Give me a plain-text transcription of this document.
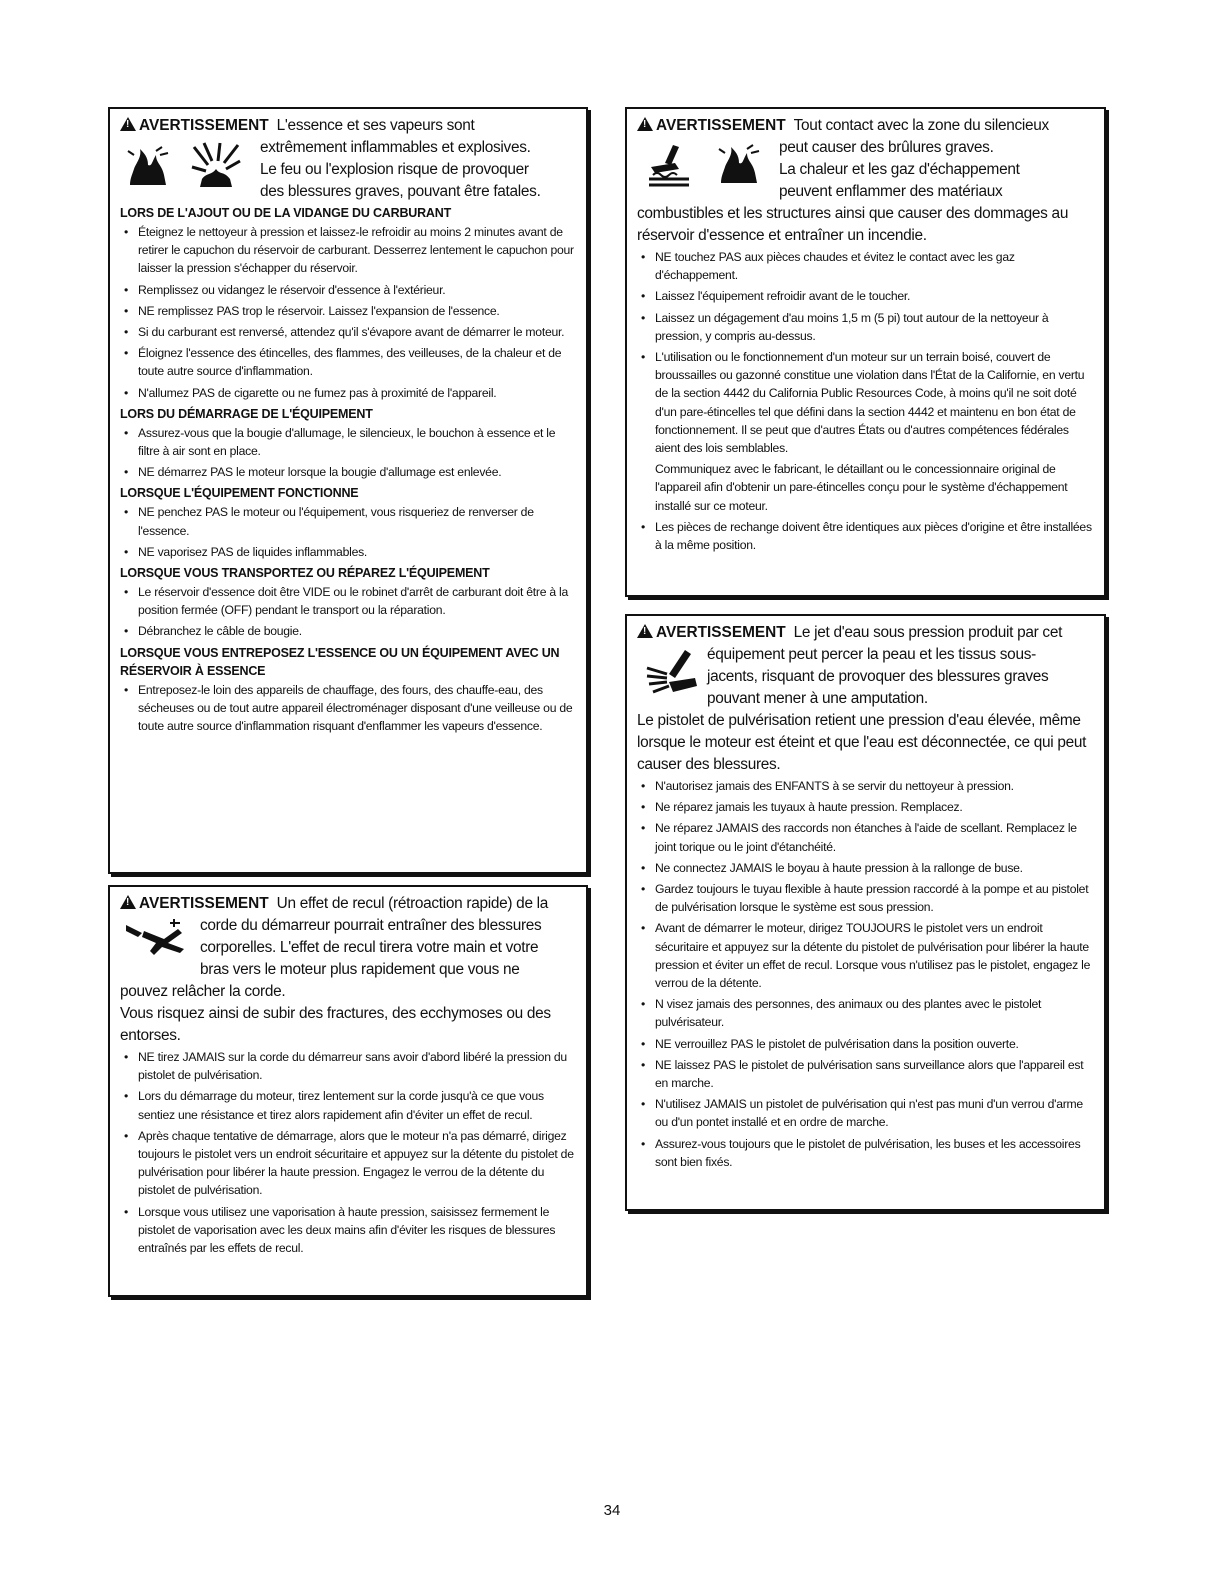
!AVERTISSEMENT L'essence et ses vapeurs sont
extrêmement inflammables et explosives.
Le feu ou l'explosion risque de provoquer
des blessures graves, pouvant être fatales.
LORS DE L'AJOUT OU DE LA VIDANGE DU CARBURANT
• Éteignez le nettoyeur à pression et laissez-le refroidir au moins 2 minutes avant de retirer le capuchon du réservoir de carburant. Desserrez lentement le capuchon pour laisser la pression s'échapper du réservoir.
• Remplissez ou vidangez le réservoir d'essence à l'extérieur.
• NE remplissez PAS trop le réservoir. Laissez l'expansion de l'essence.
• Si du carburant est renversé, attendez qu'il s'évapore avant de démarrer le moteur.
• Éloignez l'essence des étincelles, des flammes, des veilleuses, de la chaleur et de toute autre source d'inflammation.
• N'allumez PAS de cigarette ou ne fumez pas à proximité de l'appareil.
LORS DU DÉMARRAGE DE L'ÉQUIPEMENT
• Assurez-vous que la bougie d'allumage, le silencieux, le bouchon à essence et le filtre à air sont en place.
• NE démarrez PAS le moteur lorsque la bougie d'allumage est enlevée.
LORSQUE L'ÉQUIPEMENT FONCTIONNE
• NE penchez PAS le moteur ou l'équipement, vous risqueriez de renverser de l'essence.
• NE vaporisez PAS de liquides inflammables.
LORSQUE VOUS TRANSPORTEZ OU RÉPAREZ L'ÉQUIPEMENT
• Le réservoir d'essence doit être VIDE ou le robinet d'arrêt de carburant doit être à la position fermée (OFF) pendant le transport ou la réparation.
• Débranchez le câble de bougie.
LORSQUE VOUS ENTREPOSEZ L'ESSENCE OU UN ÉQUIPEMENT AVEC UN RÉSERVOIR À ESSENCE
• Entreposez-le loin des appareils de chauffage, des fours, des chauffe-eau, des sécheuses ou de tout autre appareil électroménager disposant d'une veilleuse ou de toute autre source d'inflammation risquant d'enflammer les vapeurs d'essence.
!AVERTISSEMENT Un effet de recul (rétroaction rapide) de la
corde du démarreur pourrait entraîner des blessures
corporelles. L'effet de recul tirera votre main et votre
bras vers le moteur plus rapidement que vous ne
pouvez relâcher la corde.
Vous risquez ainsi de subir des fractures, des ecchymoses ou des entorses.
• NE tirez JAMAIS sur la corde du démarreur sans avoir d'abord libéré la pression du pistolet de pulvérisation.
• Lors du démarrage du moteur, tirez lentement sur la corde jusqu'à ce que vous sentiez une résistance et tirez alors rapidement afin d'éviter un effet de recul.
• Après chaque tentative de démarrage, alors que le moteur n'a pas démarré, dirigez toujours le pistolet vers un endroit sécuritaire et appuyez sur la détente du pistolet de pulvérisation pour libérer la haute pression. Engagez le verrou de la détente du pistolet de pulvérisation.
• Lorsque vous utilisez une vaporisation à haute pression, saisissez fermement le pistolet de vaporisation avec les deux mains afin d'éviter les risques de blessures entraînés par les effets de recul.
!AVERTISSEMENT Tout contact avec la zone du silencieux
peut causer des brûlures graves.
La chaleur et les gaz d'échappement
peuvent enflammer des matériaux
combustibles et les structures ainsi que causer des dommages au réservoir d'essence et entraîner un incendie.
• NE touchez PAS aux pièces chaudes et évitez le contact avec les gaz d'échappement.
• Laissez l'équipement refroidir avant de le toucher.
• Laissez un dégagement d'au moins 1,5 m (5 pi) tout autour de la nettoyeur à pression, y compris au-dessus.
• L'utilisation ou le fonctionnement d'un moteur sur un terrain boisé, couvert de broussailles ou gazonné constitue une violation dans l'État de la Californie, en vertu de la section 4442 du California Public Resources Code, à moins qu'il ne soit doté d'un pare-étincelles tel que défini dans la section 4442 et maintenu en bon état de fonctionnement. Il se peut que d'autres États ou d'autres compétences fédérales aient des lois semblables.
Communiquez avec le fabricant, le détaillant ou le concessionnaire original de l'appareil afin d'obtenir un pare-étincelles conçu pour le système d'échappement installé sur ce moteur.
• Les pièces de rechange doivent être identiques aux pièces d'origine et être installées à la même position.
!AVERTISSEMENT Le jet d'eau sous pression produit par cet
équipement peut percer la peau et les tissus sous-
jacents, risquant de provoquer des blessures graves
pouvant mener à une amputation.
Le pistolet de pulvérisation retient une pression d'eau élevée, même lorsque le moteur est éteint et que l'eau est déconnectée, ce qui peut causer des blessures.
• N'autorisez jamais des ENFANTS à se servir du nettoyeur à pression.
• Ne réparez jamais les tuyaux à haute pression. Remplacez.
• Ne réparez JAMAIS des raccords non étanches à l'aide de scellant. Remplacez le joint torique ou le joint d'étanchéité.
• Ne connectez JAMAIS le boyau à haute pression à la rallonge de buse.
• Gardez toujours le tuyau flexible à haute pression raccordé à la pompe et au pistolet de pulvérisation lorsque le système est sous pression.
• Avant de démarrer le moteur, dirigez TOUJOURS le pistolet vers un endroit sécuritaire et appuyez sur la détente du pistolet de pulvérisation pour libérer la haute pression et éviter un effet de recul. Lorsque vous n'utilisez pas le pistolet, engagez le verrou de la détente.
• N visez jamais des personnes, des animaux ou des plantes avec le pistolet pulvérisateur.
• NE verrouillez PAS le pistolet de pulvérisation dans la position ouverte.
• NE laissez PAS le pistolet de pulvérisation sans surveillance alors que l'appareil est en marche.
• N'utilisez JAMAIS un pistolet de pulvérisation qui n'est pas muni d'un verrou d'arme ou d'un pontet installé et en ordre de marche.
• Assurez-vous toujours que le pistolet de pulvérisation, les buses et les accessoires sont bien fixés.
34
